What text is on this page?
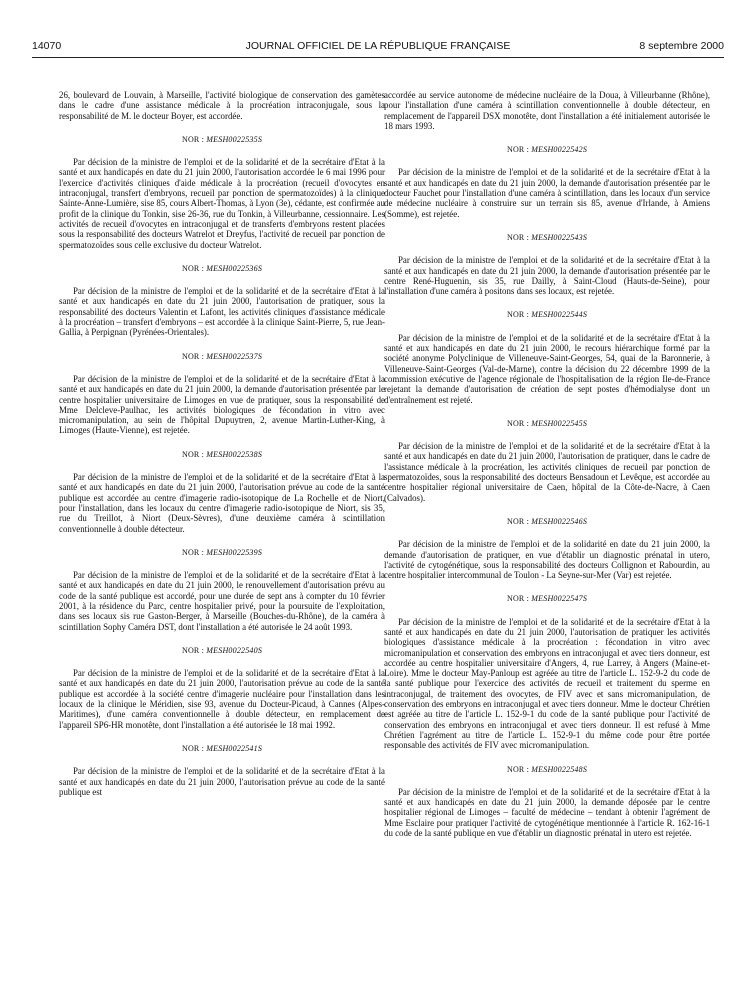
14070	JOURNAL OFFICIEL DE LA RÉPUBLIQUE FRANÇAISE	8 septembre 2000

26, boulevard de Louvain, à Marseille, l'activité biologique de conservation des gamètes dans le cadre d'une assistance médicale à la procréation intraconjugale, sous la responsabilité de M. le docteur Boyer, est accordée.

NOR : MESH0022535S

Par décision de la ministre de l'emploi et de la solidarité et de la secrétaire d'Etat à la santé et aux handicapés en date du 21 juin 2000, l'autorisation accordée le 6 mai 1996 pour l'exercice d'activités cliniques d'aide médicale à la procréation (recueil d'ovocytes en intraconjugal, transfert d'embryons, recueil par ponction de spermatozoïdes) à la clinique Sainte-Anne-Lumière, sise 85, cours Albert-Thomas, à Lyon (3e), cédante, est confirmée au profit de la clinique du Tonkin, sise 26-36, rue du Tonkin, à Villeurbanne, cessionnaire. Les activités de recueil d'ovocytes en intraconjugal et de transferts d'embryons restent placées sous la responsabilité des docteurs Watrelot et Dreyfus, l'activité de recueil par ponction de spermatozoïdes sous celle exclusive du docteur Watrelot.

NOR : MESH0022536S

Par décision de la ministre de l'emploi et de la solidarité et de la secrétaire d'Etat à la santé et aux handicapés en date du 21 juin 2000, l'autorisation de pratiquer, sous la responsabilité des docteurs Valentin et Lafont, les activités cliniques d'assistance médicale à la procréation – transfert d'embryons – est accordée à la clinique Saint-Pierre, 5, rue Jean-Gallia, à Perpignan (Pyrénées-Orientales).

NOR : MESH0022537S

Par décision de la ministre de l'emploi et de la solidarité et de la secrétaire d'Etat à la santé et aux handicapés en date du 21 juin 2000, la demande d'autorisation présentée par le centre hospitalier universitaire de Limoges en vue de pratiquer, sous la responsabilité de Mme Delcleve-Paulhac, les activités biologiques de fécondation in vitro avec micromanipulation, au sein de l'hôpital Dupuytren, 2, avenue Martin-Luther-King, à Limoges (Haute-Vienne), est rejetée.

NOR : MESH0022538S

Par décision de la ministre de l'emploi et de la solidarité et de la secrétaire d'Etat à la santé et aux handicapés en date du 21 juin 2000, l'autorisation prévue au code de la santé publique est accordée au centre d'imagerie radio-isotopique de La Rochelle et de Niort, pour l'installation, dans les locaux du centre d'imagerie radio-isotopique de Niort, sis 35, rue du Treillot, à Niort (Deux-Sèvres), d'une deuxième caméra à scintillation conventionnelle à double détecteur.

NOR : MESH0022539S

Par décision de la ministre de l'emploi et de la solidarité et de la secrétaire d'Etat à la santé et aux handicapés en date du 21 juin 2000, le renouvellement d'autorisation prévu au code de la santé publique est accordé, pour une durée de sept ans à compter du 10 février 2001, à la résidence du Parc, centre hospitalier privé, pour la poursuite de l'exploitation, dans ses locaux sis rue Gaston-Berger, à Marseille (Bouches-du-Rhône), de la caméra à scintillation Sophy Caméra DST, dont l'installation a été autorisée le 24 août 1993.

NOR : MESH0022540S

Par décision de la ministre de l'emploi et de la solidarité et de la secrétaire d'Etat à la santé et aux handicapés en date du 21 juin 2000, l'autorisation prévue au code de la santé publique est accordée à la société centre d'imagerie nucléaire pour l'installation dans les locaux de la clinique le Méridien, sise 93, avenue du Docteur-Picaud, à Cannes (Alpes-Maritimes), d'une caméra conventionnelle à double détecteur, en remplacement de l'appareil SP6-HR monotête, dont l'installation a été autorisée le 18 mai 1992.

NOR : MESH0022541S

Par décision de la ministre de l'emploi et de la solidarité et de la secrétaire d'Etat à la santé et aux handicapés en date du 21 juin 2000, l'autorisation prévue au code de la santé publique est

accordée au service autonome de médecine nucléaire de la Doua, à Villeurbanne (Rhône), pour l'installation d'une caméra à scintillation conventionnelle à double détecteur, en remplacement de l'appareil DSX monotête, dont l'installation a été initialement autorisée le 18 mars 1993.

NOR : MESH0022542S

Par décision de la ministre de l'emploi et de la solidarité et de la secrétaire d'Etat à la santé et aux handicapés en date du 21 juin 2000, la demande d'autorisation présentée par le docteur Fauchet pour l'installation d'une caméra à scintillation, dans les locaux d'un service de médecine nucléaire à construire sur un terrain sis 85, avenue d'Irlande, à Amiens (Somme), est rejetée.

NOR : MESH0022543S

Par décision de la ministre de l'emploi et de la solidarité et de la secrétaire d'Etat à la santé et aux handicapés en date du 21 juin 2000, la demande d'autorisation présentée par le centre René-Huguenin, sis 35, rue Dailly, à Saint-Cloud (Hauts-de-Seine), pour l'installation d'une caméra à positons dans ses locaux, est rejetée.

NOR : MESH0022544S

Par décision de la ministre de l'emploi et de la solidarité et de la secrétaire d'Etat à la santé et aux handicapés en date du 21 juin 2000, le recours hiérarchique formé par la société anonyme Polyclinique de Villeneuve-Saint-Georges, 54, quai de la Baronnerie, à Villeneuve-Saint-Georges (Val-de-Marne), contre la décision du 22 décembre 1999 de la commission exécutive de l'agence régionale de l'hospitalisation de la région Ile-de-France rejetant la demande d'autorisation de création de sept postes d'hémodialyse dont un d'entraînement est rejeté.

NOR : MESH0022545S

Par décision de la ministre de l'emploi et de la solidarité et de la secrétaire d'Etat à la santé et aux handicapés en date du 21 juin 2000, l'autorisation de pratiquer, dans le cadre de l'assistance médicale à la procréation, les activités cliniques de recueil par ponction de spermatozoïdes, sous la responsabilité des docteurs Bensadoun et Levêque, est accordée au centre hospitalier régional universitaire de Caen, hôpital de la Côte-de-Nacre, à Caen (Calvados).

NOR : MESH0022546S

Par décision de la ministre de l'emploi et de la solidarité en date du 21 juin 2000, la demande d'autorisation de pratiquer, en vue d'établir un diagnostic prénatal in utero, l'activité de cytogénétique, sous la responsabilité des docteurs Collignon et Rabourdin, au centre hospitalier intercommunal de Toulon - La Seyne-sur-Mer (Var) est rejetée.

NOR : MESH0022547S

Par décision de la ministre de l'emploi et de la solidarité et de la secrétaire d'Etat à la santé et aux handicapés en date du 21 juin 2000, l'autorisation de pratiquer les activités biologiques d'assistance médicale à la procréation : fécondation in vitro avec micromanipulation et conservation des embryons en intraconjugal et avec tiers donneur, est accordée au centre hospitalier universitaire d'Angers, 4, rue Larrey, à Angers (Maine-et-Loire). Mme le docteur May-Panloup est agréée au titre de l'article L. 152-9-2 du code de la santé publique pour l'exercice des activités de recueil et traitement du sperme en intraconjugal, de traitement des ovocytes, de FIV avec et sans micromanipulation, de conservation des embryons en intraconjugal et avec tiers donneur. Mme le docteur Chrétien est agréée au titre de l'article L. 152-9-1 du code de la santé publique pour l'activité de conservation des embryons en intraconjugal et avec tiers donneur. Il est refusé à Mme Chrétien l'agrément au titre de l'article L. 152-9-1 du même code pour être portée responsable des activités de FIV avec micromanipulation.

NOR : MESH0022548S

Par décision de la ministre de l'emploi et de la solidarité et de la secrétaire d'Etat à la santé et aux handicapés en date du 21 juin 2000, la demande déposée par le centre hospitalier régional de Limoges – faculté de médecine – tendant à obtenir l'agrément de Mme Esclaire pour pratiquer l'activité de cytogénétique mentionnée à l'article R. 162-16-1 du code de la santé publique en vue d'établir un diagnostic prénatal in utero est rejetée.
